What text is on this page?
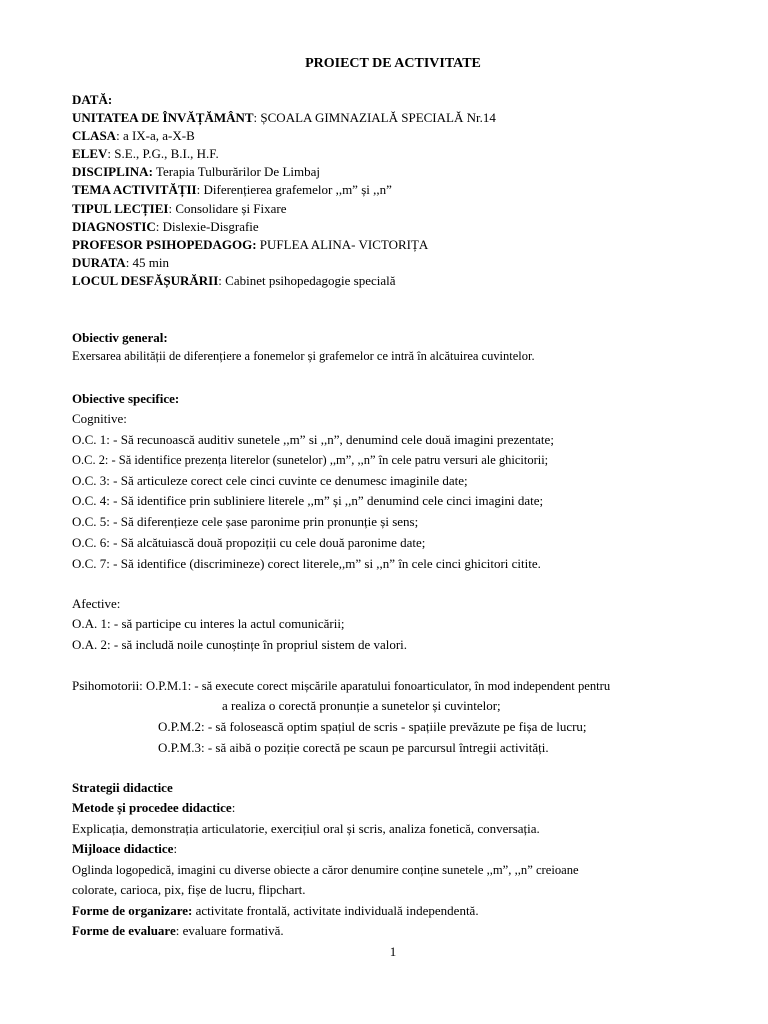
PROIECT DE ACTIVITATE
DATĂ:
UNITATEA DE ÎNVĂȚĂMÂNT: ȘCOALA GIMNAZIALĂ SPECIALĂ Nr.14
CLASA: a IX-a, a-X-B
ELEV: S.E., P.G., B.I., H.F.
DISCIPLINA: Terapia Tulburărilor De Limbaj
TEMA ACTIVITĂȚII: Diferențierea grafemelor ,,m” și ,,n”
TIPUL LECȚIEI: Consolidare și Fixare
DIAGNOSTIC: Dislexie-Disgrafie
PROFESOR PSIHOPEDAGOG: PUFLEA ALINA- VICTORIȚA
DURATA: 45 min
LOCUL DESFĂȘURĂRII: Cabinet psihopedagogie specială
Obiectiv general:
Exersarea abilității de diferențiere a fonemelor și grafemelor ce intră în alcătuirea cuvintelor.
Obiective specifice:
Cognitive:
O.C. 1: - Să recunoască auditiv sunetele ,,m” si ,,n”, denumind cele două imagini prezentate;
O.C. 2: - Să identifice prezența literelor (sunetelor) ,,m”, ,,n” în cele patru versuri ale ghicitorii;
O.C. 3: - Să articuleze corect cele cinci cuvinte ce denumesc imaginile date;
O.C. 4: - Să identifice prin subliniere literele ,,m” și ,,n” denumind cele cinci imagini date;
O.C. 5: - Să diferențieze cele șase paronime prin pronunție și sens;
O.C. 6: - Să alcătuiască două propoziții cu cele două paronime date;
O.C. 7: - Să identifice (discrimineze) corect literele,,m” si ,,n” în cele cinci ghicitori citite.
Afective:
O.A. 1: - să participe cu interes la actul comunicării;
O.A. 2: - să includă noile cunoștințe în propriul sistem de valori.
Psihomotorii: O.P.M.1: - să execute corect mișcările aparatului fonoarticulator, în mod independent pentru
a realiza o corectă pronunție a sunetelor și cuvintelor;
O.P.M.2: - să folosească optim spațiul de scris - spațiile prevăzute pe fișa de lucru;
O.P.M.3: - să aibă o poziție corectă pe scaun pe parcursul întregii activități.
Strategii didactice
Metode și procedee didactice:
Explicația, demonstrația articulatorie, exercițiul oral și scris, analiza fonetică, conversația.
Mijloace didactice:
Oglinda logopedică, imagini cu diverse obiecte a căror denumire conține sunetele ,,m”, ,,n” creioane
colorate, carioca, pix, fișe de lucru, flipchart.
Forme de organizare: activitate frontală, activitate individuală independentă.
Forme de evaluare: evaluare formativă.
1
